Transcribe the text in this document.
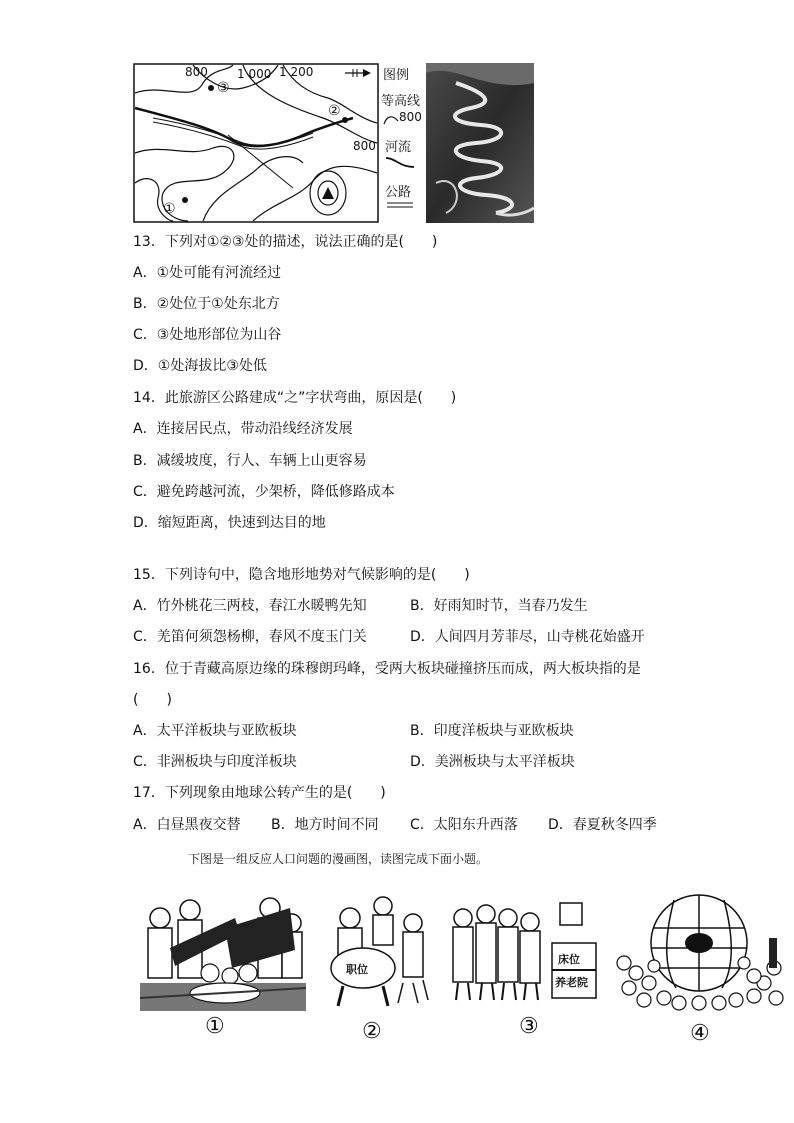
800 1 000 1 200
800
③
②
①
图例
等高线
800
河流
公路
13．下列对①②③处的描述，说法正确的是(　　)
A．①处可能有河流经过
B．②处位于①处东北方
C．③处地形部位为山谷
D．①处海拔比③处低
14．此旅游区公路建成“之”字状弯曲，原因是(　　)
A．连接居民点，带动沿线经济发展
B．减缓坡度，行人、车辆上山更容易
C．避免跨越河流，少架桥，降低修路成本
D．缩短距离，快速到达目的地
15．下列诗句中，隐含地形地势对气候影响的是(　　)
A．竹外桃花三两枝，春江水暖鸭先知	B．好雨知时节，当春乃发生
C．羌笛何须怨杨柳，春风不度玉门关	D．人间四月芳菲尽，山寺桃花始盛开
16．位于青藏高原边缘的珠穆朗玛峰，受两大板块碰撞挤压而成，两大板块指的是
(　　)
A．太平洋板块与亚欧板块	B．印度洋板块与亚欧板块
C．非洲板块与印度洋板块	D．美洲板块与太平洋板块
17．下列现象由地球公转产生的是(　　)
A．白昼黑夜交替 B．地方时间不同 C．太阳东升西落 D．春夏秋冬四季
下图是一组反应人口问题的漫画图，读图完成下面小题。
①
职位
②
床位
养老院
③	④
